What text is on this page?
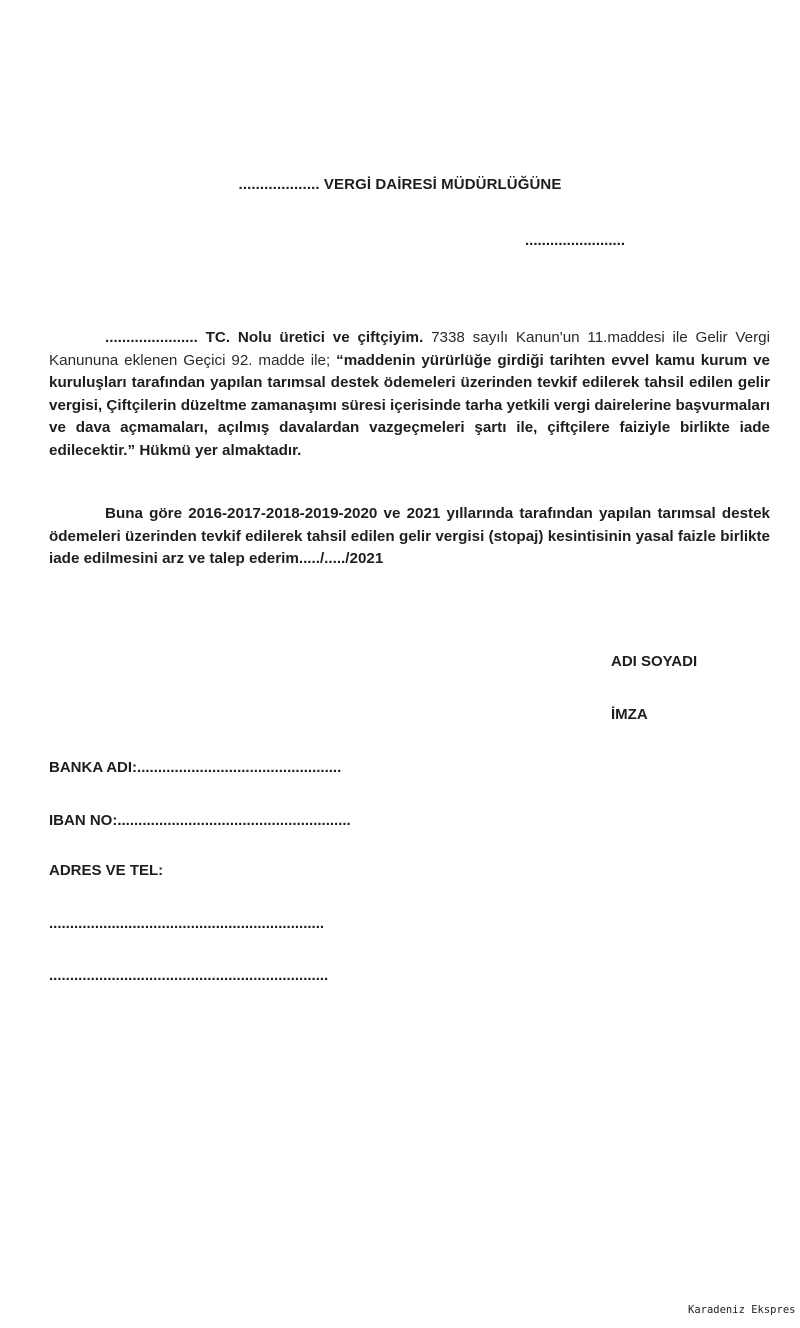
................... VERGİ DAİRESİ MÜDÜRLÜĞÜNE
........................
...................... TC. Nolu üretici ve çiftçiyim. 7338 sayılı Kanun'un 11.maddesi ile Gelir Vergi Kanununa eklenen Geçici 92. madde ile; “maddenin yürürlüğe girdiği tarihten evvel kamu kurum ve kuruluşları tarafından yapılan tarımsal destek ödemeleri üzerinden tevkif edilerek tahsil edilen gelir vergisi, Çiftçilerin düzeltme zamanaşımı süresi içerisinde tarha yetkili vergi dairelerine başvurmaları ve dava açmamaları, açılmış davalardan vazgeçmeleri şartı ile, çiftçilere faiziyle birlikte iade edilecektir.” Hükmü yer almaktadır.
Buna göre 2016-2017-2018-2019-2020 ve 2021 yıllarında tarafından yapılan tarımsal destek ödemeleri üzerinden tevkif edilerek tahsil edilen gelir vergisi (stopaj) kesintisinin yasal faizle birlikte iade edilmesini arz ve talep ederim...../...../2021
ADI SOYADI
İMZA
BANKA ADI:.................................................
IBAN NO:........................................................
ADRES VE TEL:
..................................................................
...................................................................
Karadeniz Ekspres
